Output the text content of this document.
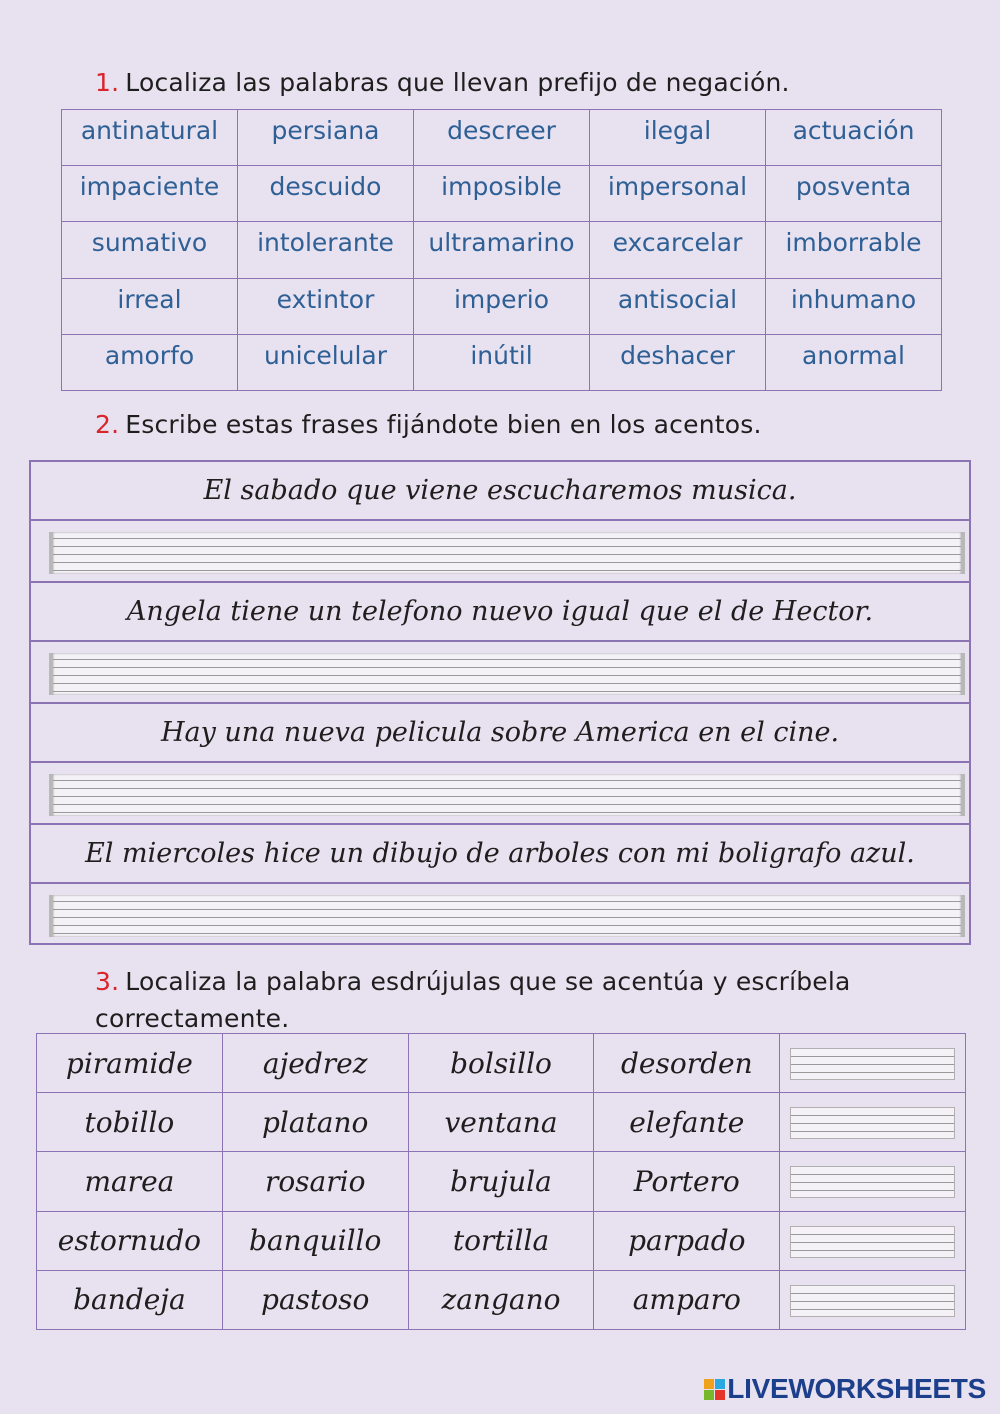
1. Localiza las palabras que llevan prefijo de negación.
antinatural	persiana	descreer	ilegal	actuación
impaciente	descuido	imposible	impersonal	posventa
sumativo	intolerante	ultramarino	excarcelar	imborrable
irreal	extintor	imperio	antisocial	inhumano
amorfo	unicelular	inútil	deshacer	anormal
2. Escribe estas frases fijándote bien en los acentos.
El sabado que viene escucharemos musica.
Angela tiene un telefono nuevo igual que el de Hector.
Hay una nueva pelicula sobre America en el cine.
El miercoles hice un dibujo de arboles con mi boligrafo azul.
3. Localiza la palabra esdrújulas que se acentúa y escríbela correctamente.
piramide	ajedrez	bolsillo	desorden	

tobillo	platano	ventana	elefante	

marea	rosario	brujula	Portero	

estornudo	banquillo	tortilla	parpado	

bandeja	pastoso	zangano	amparo	
LIVEWORKSHEETS
